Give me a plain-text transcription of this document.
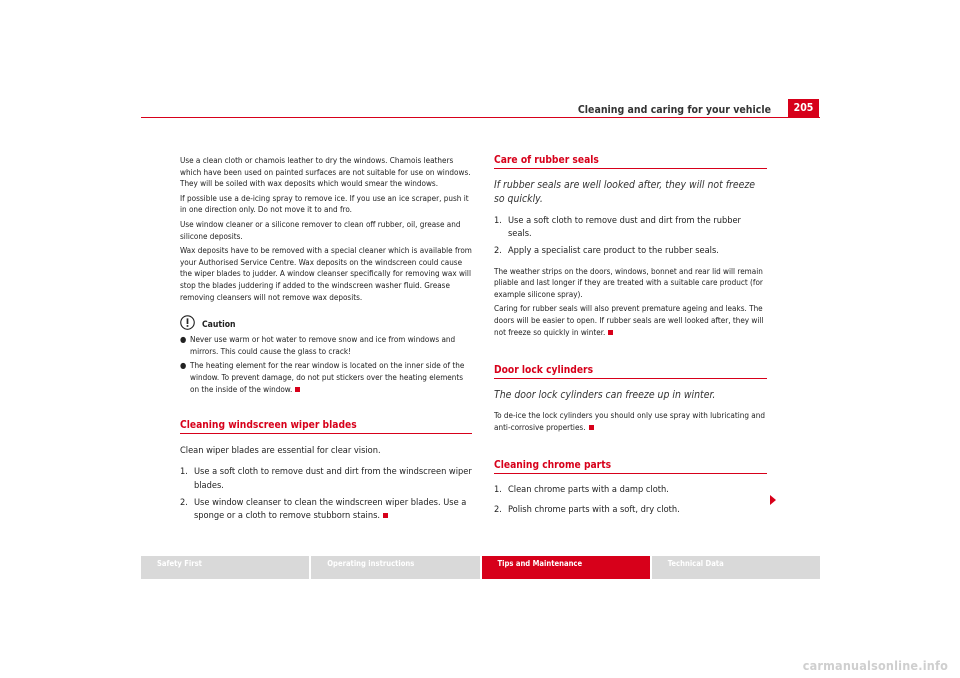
Cleaning and caring for your vehicle	205

Use a clean cloth or chamois leather to dry the windows. Chamois leathers which have been used on painted surfaces are not suitable for use on windows. They will be soiled with wax deposits which would smear the windows.

If possible use a de-icing spray to remove ice. If you use an ice scraper, push it in one direction only. Do not move it to and fro.

Use window cleaner or a silicone remover to clean off rubber, oil, grease and silicone deposits.

Wax deposits have to be removed with a special cleaner which is available from your Authorised Service Centre. Wax deposits on the windscreen could cause the wiper blades to judder. A window cleanser specifically for removing wax will stop the blades juddering if added to the windscreen washer fluid. Grease removing cleansers will not remove wax deposits.

Caution
● Never use warm or hot water to remove snow and ice from windows and mirrors. This could cause the glass to crack!
● The heating element for the rear window is located on the inner side of the window. To prevent damage, do not put stickers over the heating elements on the inside of the window.
Cleaning windscreen wiper blades

Clean wiper blades are essential for clear vision.

1. Use a soft cloth to remove dust and dirt from the windscreen wiper blades.
2. Use window cleanser to clean the windscreen wiper blades. Use a sponge or a cloth to remove stubborn stains.
Care of rubber seals

If rubber seals are well looked after, they will not freeze so quickly.

1. Use a soft cloth to remove dust and dirt from the rubber seals.
2. Apply a specialist care product to the rubber seals.

The weather strips on the doors, windows, bonnet and rear lid will remain pliable and last longer if they are treated with a suitable care product (for example silicone spray).

Caring for rubber seals will also prevent premature ageing and leaks. The doors will be easier to open. If rubber seals are well looked after, they will not freeze so quickly in winter.

Door lock cylinders

The door lock cylinders can freeze up in winter.

To de-ice the lock cylinders you should only use spray with lubricating and anti-corrosive properties.

Cleaning chrome parts
1. Clean chrome parts with a damp cloth.
2. Polish chrome parts with a soft, dry cloth.
Safety First	Operating instructions	Tips and Maintenance	Technical Data
carmanualsonline.info
